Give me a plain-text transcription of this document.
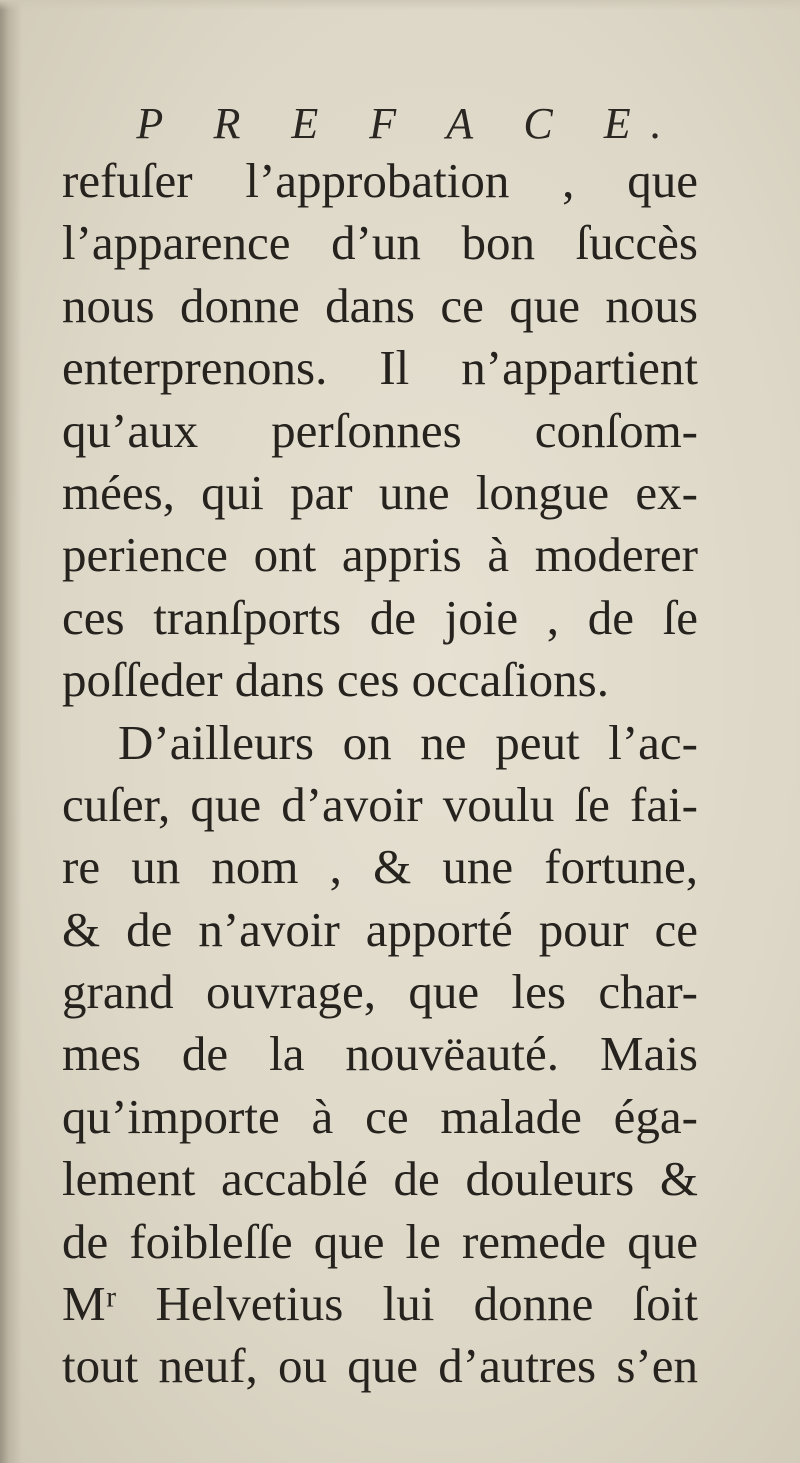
P R E F A C E.
refuſer l’approbation , que
l’apparence d’un bon ſuccès
nous donne dans ce que nous
enterprenons. Il n’appartient
qu’aux perſonnes conſom-
mées, qui par une longue ex-
perience ont appris à moderer
ces tranſports de joie , de ſe
poſſeder dans ces occaſions.
D’ailleurs on ne peut l’ac-
cuſer, que d’avoir voulu ſe fai-
re un nom , & une fortune,
& de n’avoir apporté pour ce
grand ouvrage, que les char-
mes de la nouvëauté. Mais
qu’importe à ce malade éga-
lement accablé de douleurs &
de foibleſſe que le remede que
Mʳ Helvetius lui donne ſoit
tout neuf, ou que d’autres s’en
